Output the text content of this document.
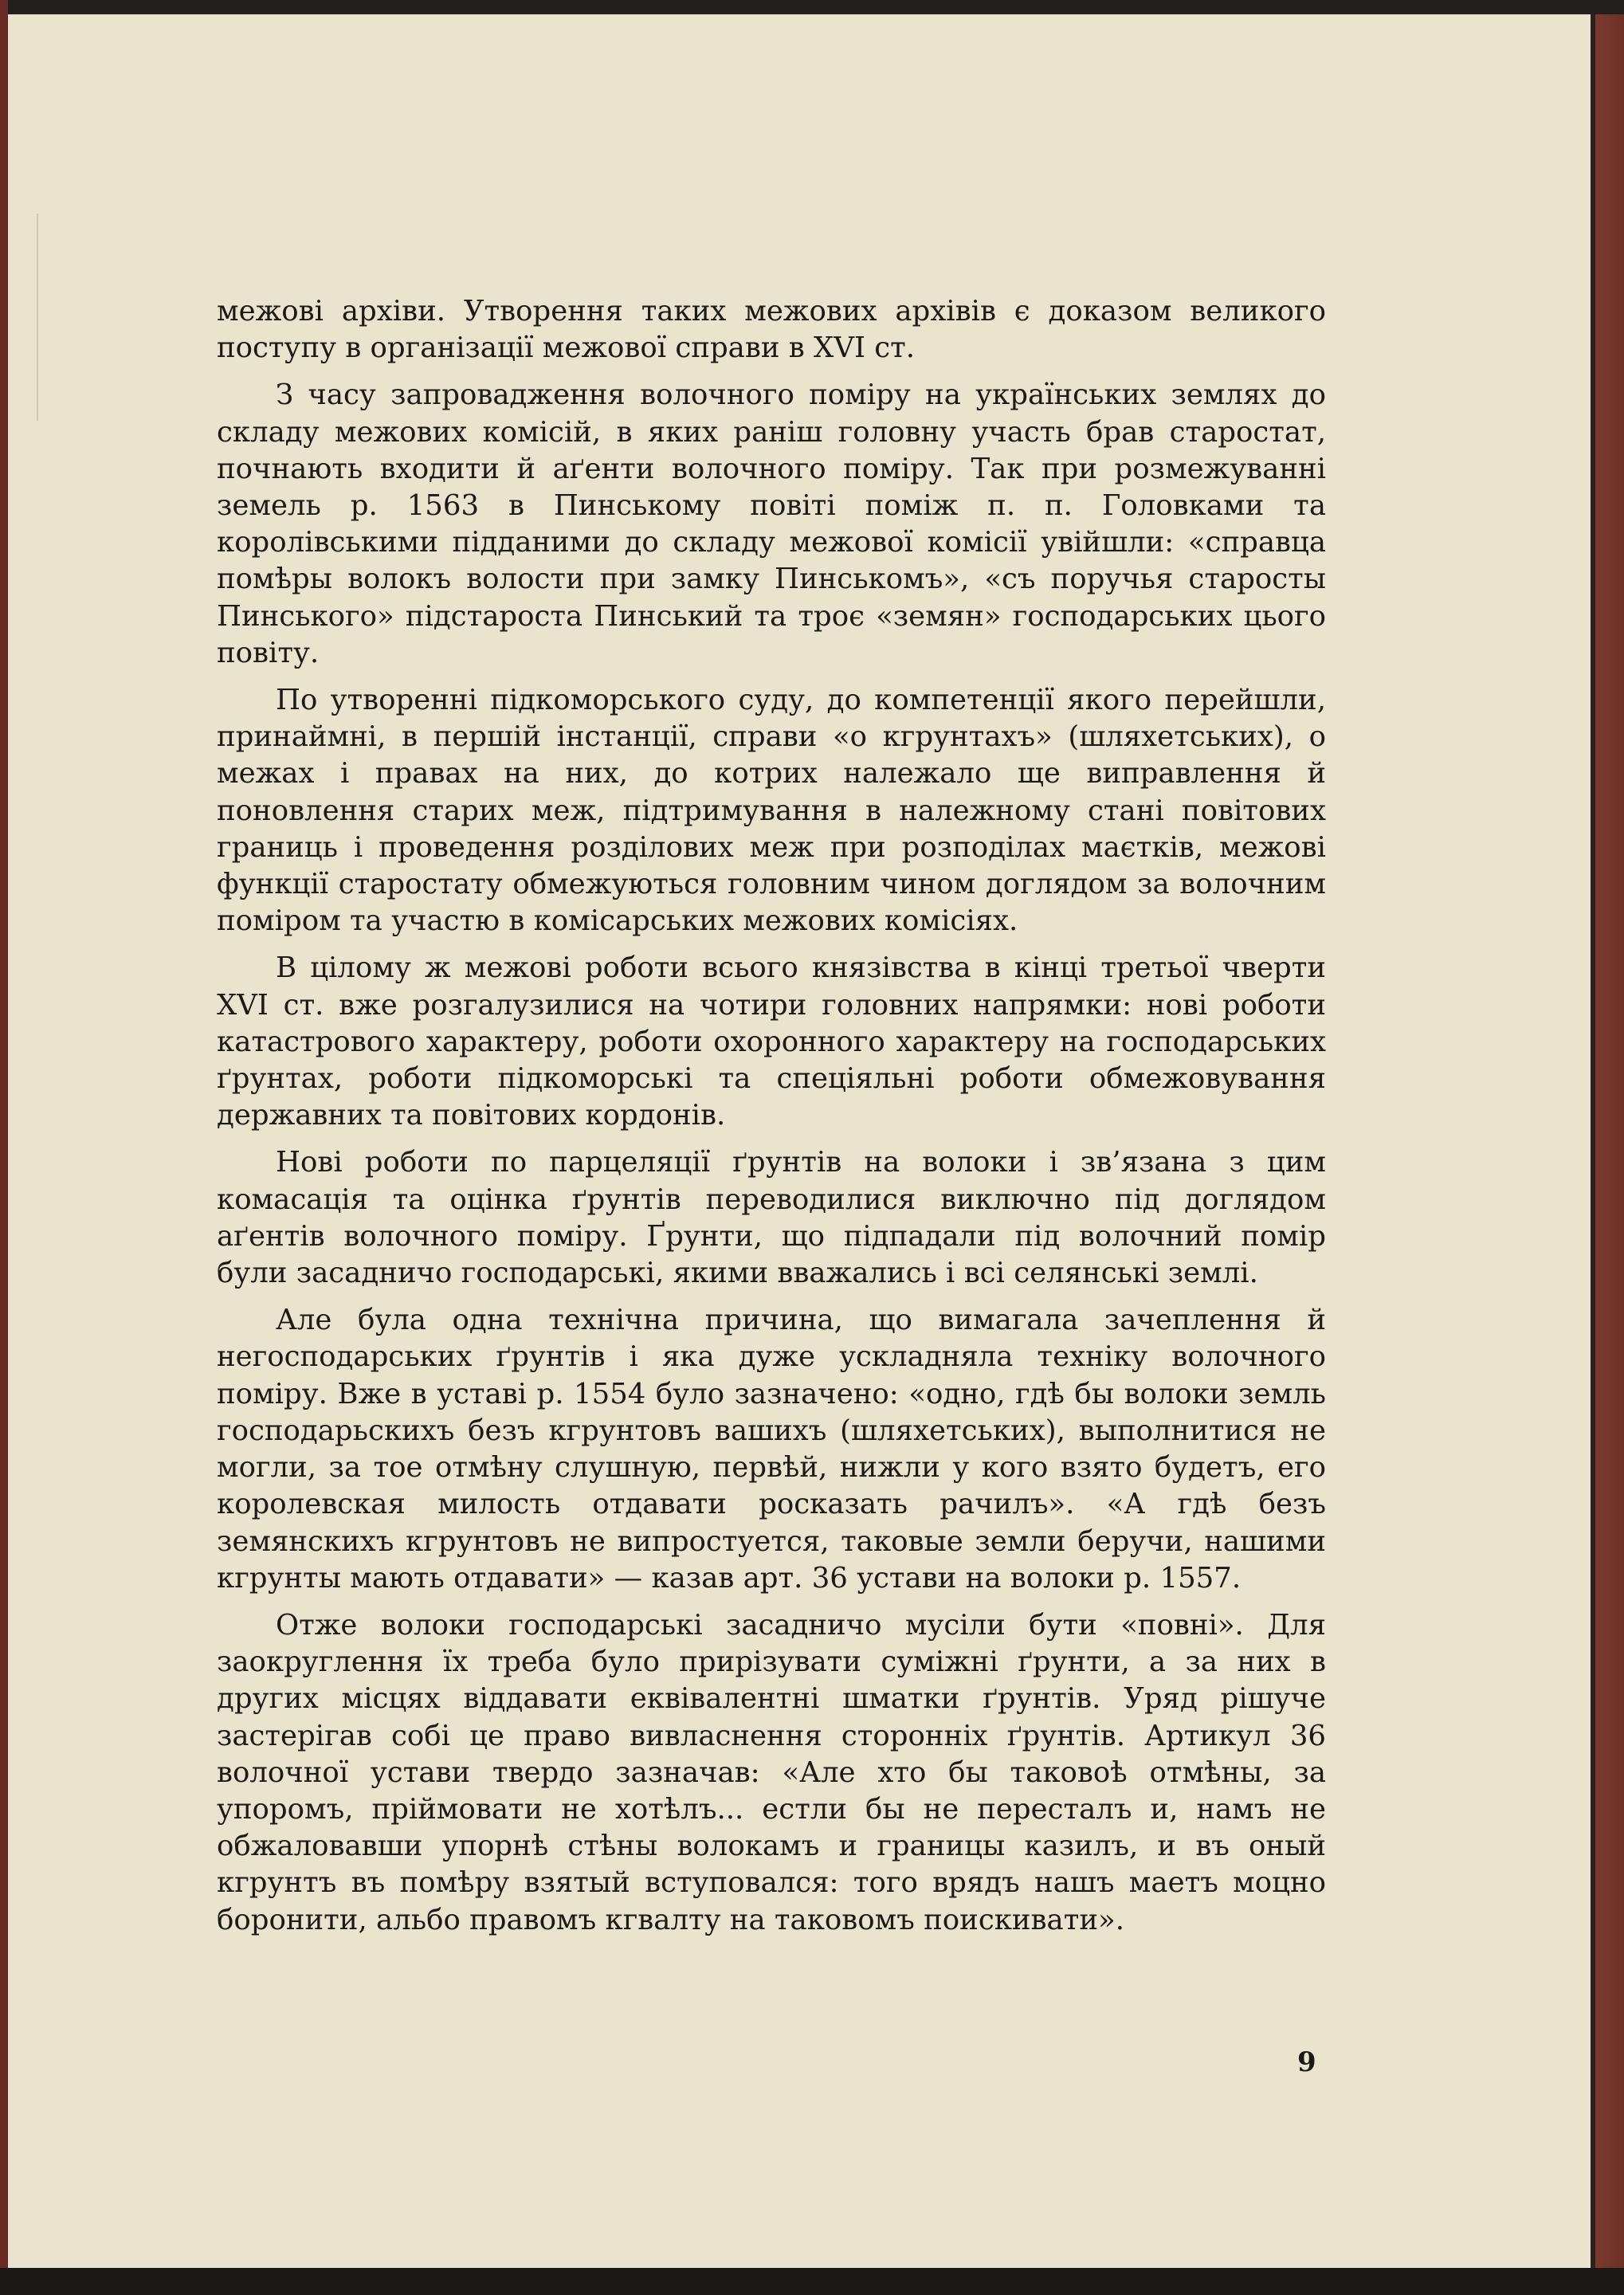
межові архіви. Утворення таких межових архівів є доказом великого поступу в організації межової справи в XVI ст.

З часу запровадження волочного поміру на українських землях до складу межових комісій, в яких раніш головну участь брав старостат, почнають входити й аґенти волочного поміру. Так при розмежуванні земель р. 1563 в Пинському повіті поміж п. п. Головками та королівськими підданими до складу межової комісії увійшли: «справца помѣры волокъ волости при замку Пинськомъ», «съ поручья старосты Пинського» підстароста Пинський та троє «земян» господарських цього повіту.

По утворенні підкоморського суду, до компетенції якого перейшли, принаймні, в першій інстанції, справи «о кгрунтахъ» (шляхетських), о межах і правах на них, до котрих належало ще виправлення й поновлення старих меж, підтримування в належному стані повітових границь і проведення розділових меж при розподілах маєтків, межові функції старостату обмежуються головним чином доглядом за волочним поміром та участю в комісарських межових комісіях.

В цілому ж межові роботи всього князівства в кінці третьої чверти XVI ст. вже розгалузилися на чотири головних напрямки: нові роботи катастрового характеру, роботи охоронного характеру на господарських ґрунтах, роботи підкоморські та спеціяльні роботи обмежовування державних та повітових кордонів.

Нові роботи по парцеляції ґрунтів на волоки і зв’язана з цим комасація та оцінка ґрунтів переводилися виключно під доглядом аґентів волочного поміру. Ґрунти, що підпадали під волочний помір були засадничо господарські, якими вважались і всі селянські землі.

Але була одна технічна причина, що вимагала зачеплення й негосподарських ґрунтів і яка дуже ускладняла техніку волочного поміру. Вже в уставі р. 1554 було зазначено: «одно, гдѣ бы волоки земль господарьскихъ безъ кгрунтовъ вашихъ (шляхетських), выполнитися не могли, за тое отмѣну слушную, первѣй, нижли у кого взято будетъ, его королевская милость отдавати росказать рачилъ». «А гдѣ безъ земянскихъ кгрунтовъ не випростуется, таковые земли беручи, нашими кгрунты мають отдавати» — казав арт. 36 устави на волоки р. 1557.

Отже волоки господарські засадничо мусіли бути «повні». Для заокруглення їх треба було прирізувати суміжні ґрунти, а за них в других місцях віддавати еквівалентні шматки ґрунтів. Уряд рішуче застерігав собі це право вивласнення сторонніх ґрунтів. Артикул 36 волочної устави твердо зазначав: «Але хто бы таковоѣ отмѣны, за упоромъ, пріймовати не хотѣлъ... естли бы не пересталъ и, намъ не обжаловавши упорнѣ стѣны волокамъ и границы казилъ, и въ оный кгрунтъ въ помѣру взятый вступовался: того врядъ нашъ маетъ моцно боронити, альбо правомъ кгвалту на таковомъ поискивати».

9
